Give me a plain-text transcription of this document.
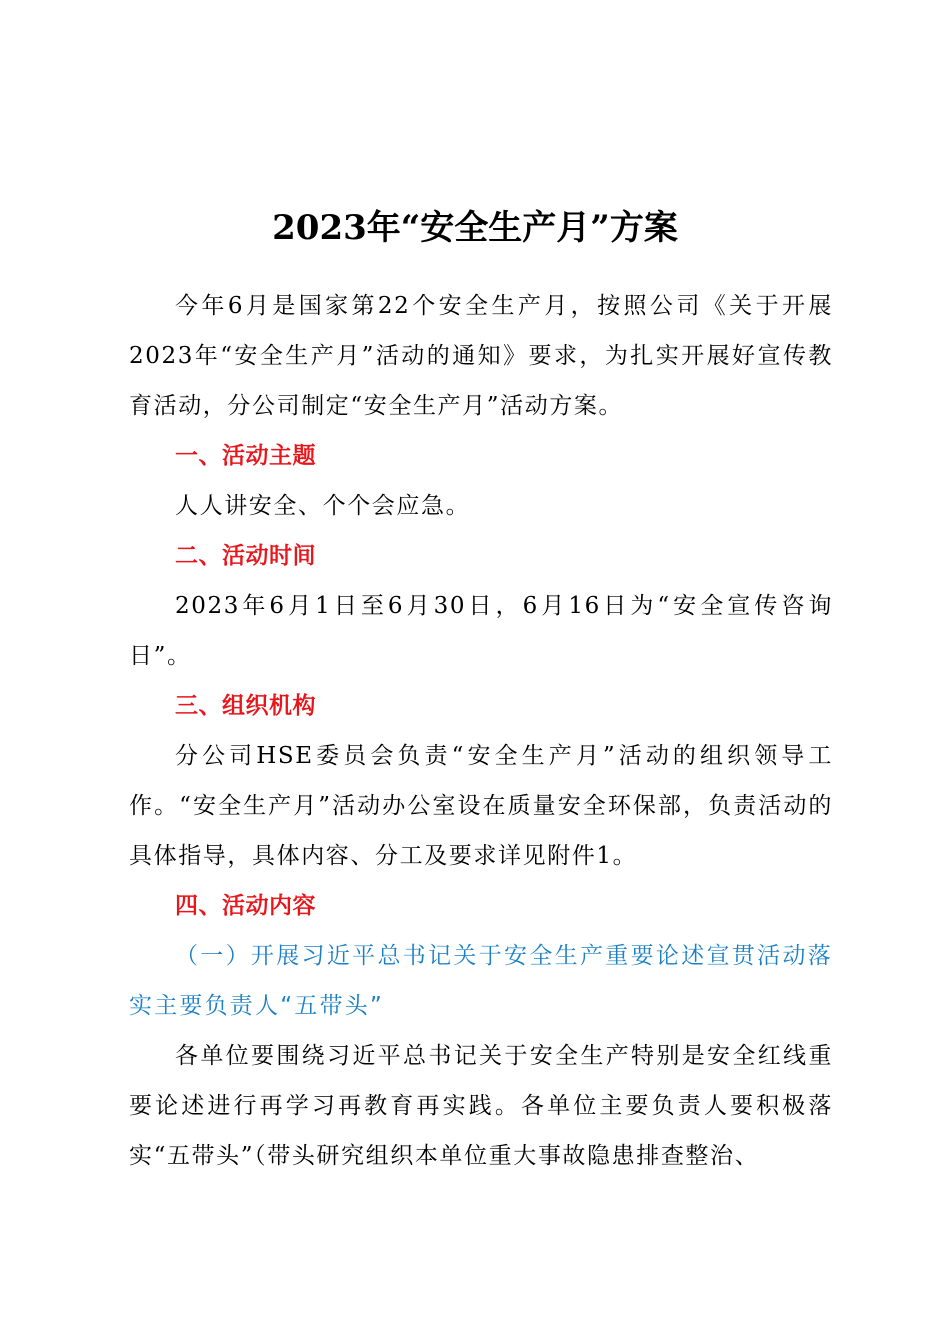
2023年“安全生产月”方案

今年6月是国家第22个安全生产月，按照公司《关于开展2023年“安全生产月”活动的通知》要求，为扎实开展好宣传教育活动，分公司制定“安全生产月”活动方案。

一、活动主题

人人讲安全、个个会应急。

二、活动时间

2023年6月1日至6月30日，6月16日为“安全宣传咨询日”。

三、组织机构

分公司HSE委员会负责“安全生产月”活动的组织领导工作。“安全生产月”活动办公室设在质量安全环保部，负责活动的具体指导，具体内容、分工及要求详见附件1。

四、活动内容

（一）开展习近平总书记关于安全生产重要论述宣贯活动落实主要负责人“五带头”

各单位要围绕习近平总书记关于安全生产特别是安全红线重要论述进行再学习再教育再实践。各单位主要负责人要积极落实“五带头”（带头研究组织本单位重大事故隐患排查整治、
